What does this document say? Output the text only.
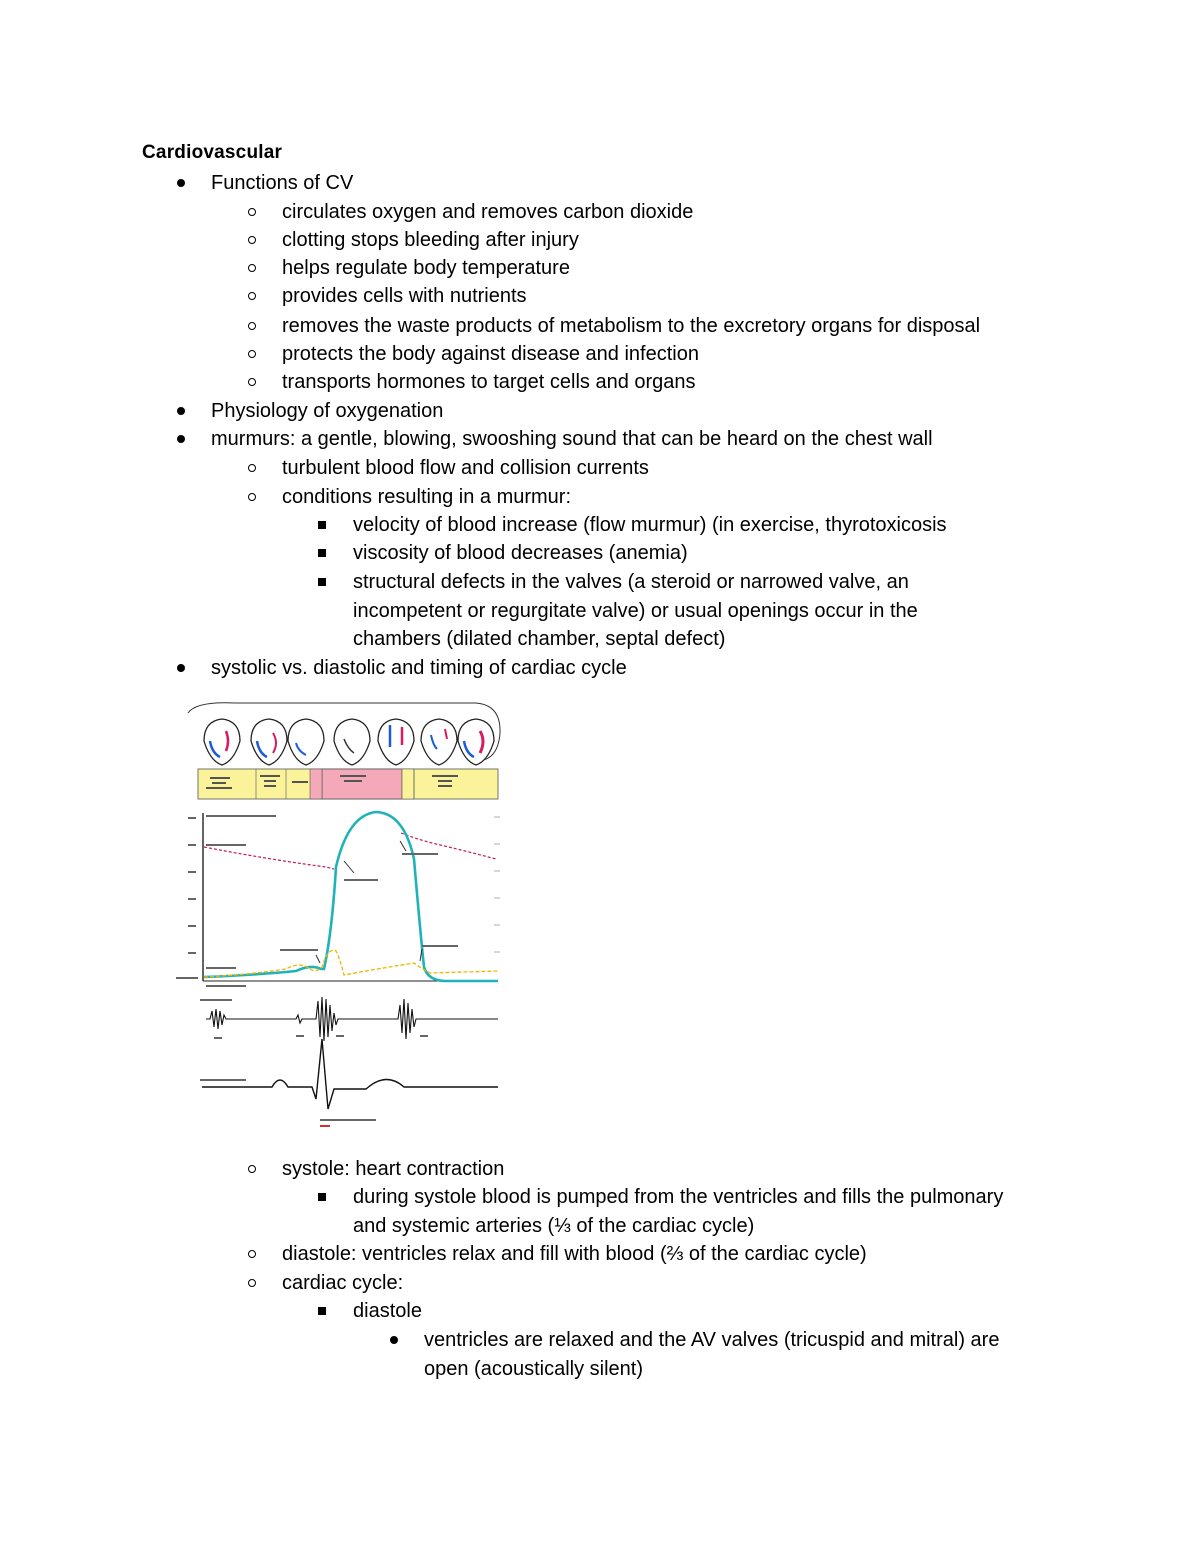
Cardiovascular
Functions of CV
circulates oxygen and removes carbon dioxide
clotting stops bleeding after injury
helps regulate body temperature
provides cells with nutrients
removes the waste products of metabolism to the excretory organs for disposal
protects the body against disease and infection
transports hormones to target cells and organs
Physiology of oxygenation
murmurs: a gentle, blowing, swooshing sound that can be heard on the chest wall
turbulent blood flow and collision currents
conditions resulting in a murmur:
velocity of blood increase (flow murmur) (in exercise, thyrotoxicosis
viscosity of blood decreases (anemia)
structural defects in the valves (a steroid or narrowed valve, an
incompetent or regurgitate valve) or usual openings occur in the
chambers (dilated chamber, septal defect)
systolic vs. diastolic and timing of cardiac cycle
systole: heart contraction
during systole blood is pumped from the ventricles and fills the pulmonary
and systemic arteries (⅓ of the cardiac cycle)
diastole: ventricles relax and fill with blood (⅔ of the cardiac cycle)
cardiac cycle:
diastole
ventricles are relaxed and the AV valves (tricuspid and mitral) are
open (acoustically silent)
